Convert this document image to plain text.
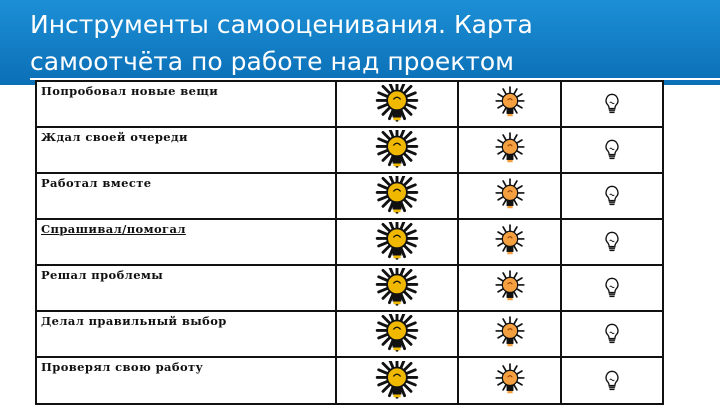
Инструменты самооценивания. Карта
самоотчёта по работе над проектом
Попробовал новые вещи
Ждал своей очереди
Работал вместе
Спрашивал/помогал
Решал проблемы
Делал правильный выбор
Проверял свою работу
